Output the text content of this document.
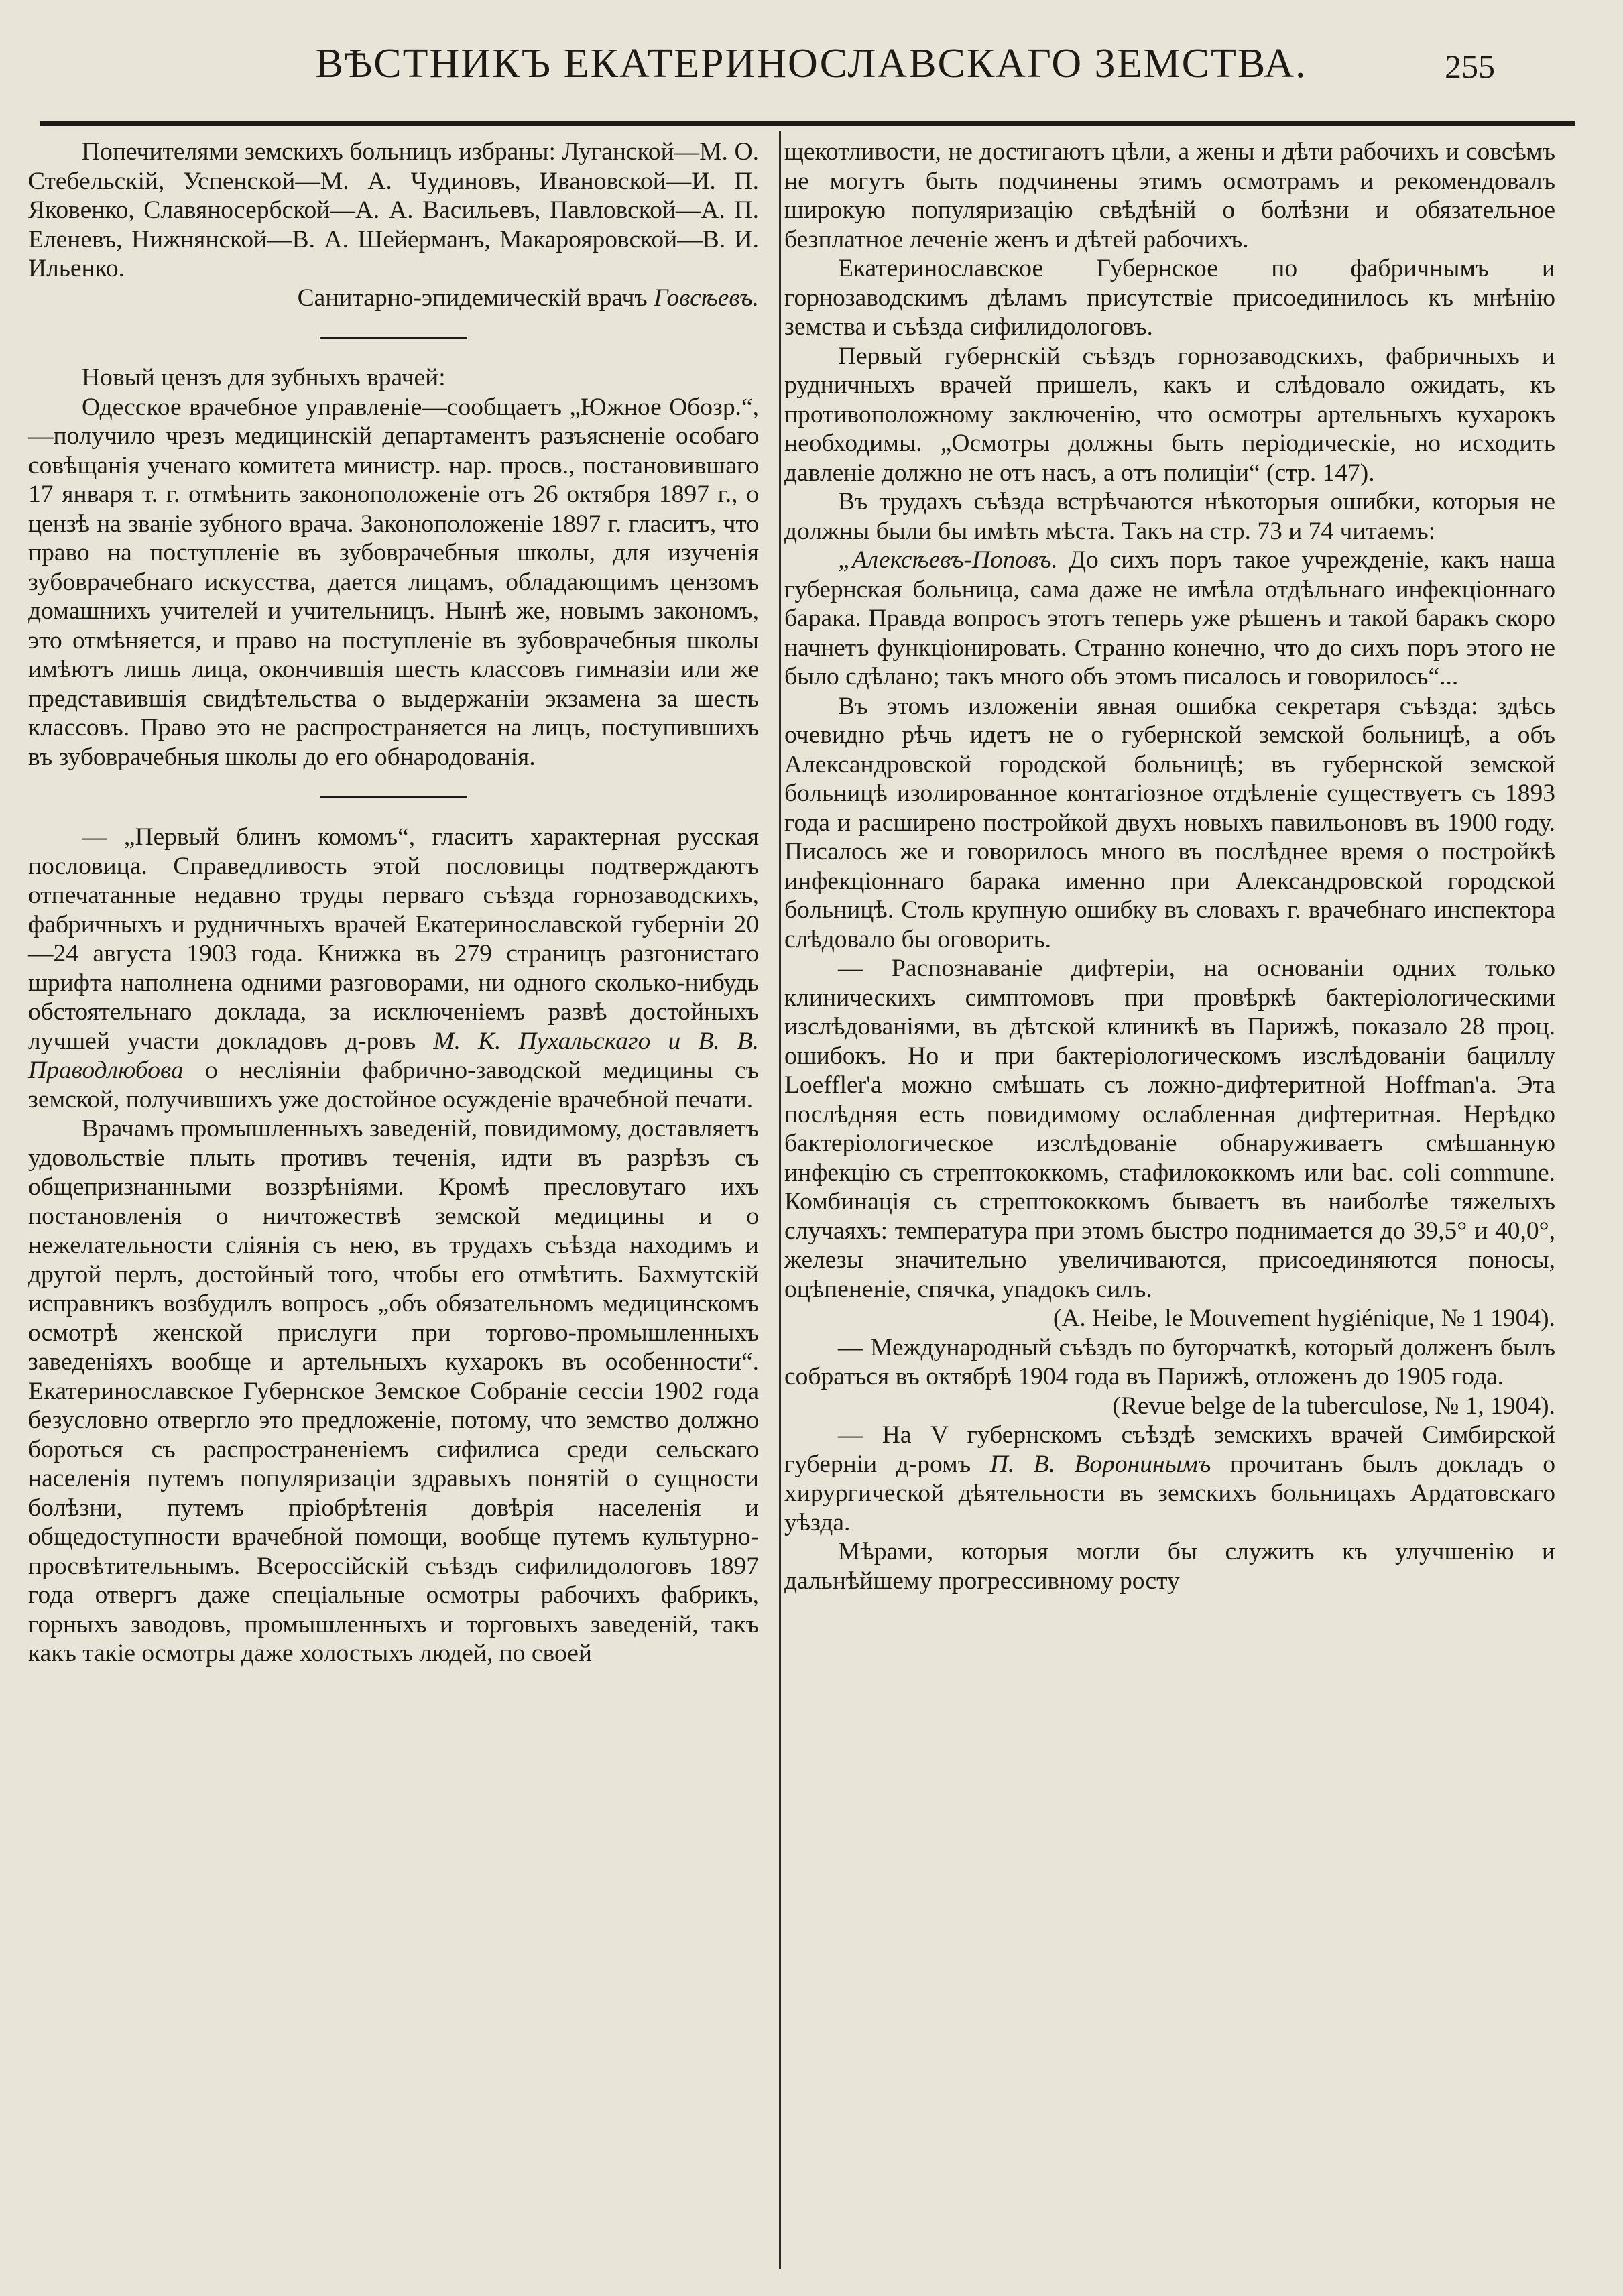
ВѢСТНИКЪ ЕКАТЕРИНОСЛАВСКАГО ЗЕМСТВА.	255

Попечителями земскихъ больницъ избраны: Луганской—М. О. Стебельскій, Успенской—М. А. Чудиновъ, Ивановской—И. П. Яковенко, Славяносербской—А. А. Васильевъ, Павловской—А. П. Еленевъ, Нижнянской—В. А. Шейерманъ, Макарояровской—В. И. Ильенко.

Санитарно-эпидемическій врачъ Говсѣевъ.

Новый цензъ для зубныхъ врачей:

Одесское врачебное управленіе—сообщаетъ „Южное Обозр.“,—получило чрезъ медицинскій департаментъ разъясненіе особаго совѣщанія ученаго комитета министр. нар. просв., постановившаго 17 января т. г. отмѣнить законоположеніе отъ 26 октября 1897 г., о цензѣ на званіе зубного врача. Законоположеніе 1897 г. гласитъ, что право на поступленіе въ зубоврачебныя школы, для изученія зубоврачебнаго искусства, дается лицамъ, обладающимъ цензомъ домашнихъ учителей и учительницъ. Нынѣ же, новымъ закономъ, это отмѣняется, и право на поступленіе въ зубоврачебныя школы имѣютъ лишь лица, окончившія шесть классовъ гимназіи или же представившія свидѣтельства о выдержаніи экзамена за шесть классовъ. Право это не распространяется на лицъ, поступившихъ въ зубоврачебныя школы до его обнародованія.

— „Первый блинъ комомъ“, гласитъ характерная русская пословица. Справедливость этой пословицы подтверждаютъ отпечатанные недавно труды перваго съѣзда горнозаводскихъ, фабричныхъ и рудничныхъ врачей Екатеринославской губерніи 20—24 августа 1903 года. Книжка въ 279 страницъ разгонистаго шрифта наполнена одними разговорами, ни одного сколько-нибудь обстоятельнаго доклада, за исключеніемъ развѣ достойныхъ лучшей участи докладовъ д-ровъ М. К. Пухальскаго и В. В. Праводлюбова о несліяніи фабрично-заводской медицины съ земской, получившихъ уже достойное осужденіе врачебной печати.

Врачамъ промышленныхъ заведеній, повидимому, доставляетъ удовольствіе плыть противъ теченія, идти въ разрѣзъ съ общепризнанными воззрѣніями. Кромѣ пресловутаго ихъ постановленія о ничтожествѣ земской медицины и о нежелательности слiянія съ нею, въ трудахъ съѣзда находимъ и другой перлъ, достойный того, чтобы его отмѣтить. Бахмутскій исправникъ возбудилъ вопросъ „объ обязательномъ медицинскомъ осмотрѣ женской прислуги при торгово-промышленныхъ заведеніяхъ вообще и артельныхъ кухарокъ въ особенности“. Екатеринославское Губернское Земское Собраніе сессіи 1902 года безусловно отвергло это предложеніе, потому, что земство должно бороться съ распространеніемъ сифилиса среди сельскаго населенія путемъ популяризаціи здравыхъ понятій о сущности болѣзни, путемъ пріобрѣтенія довѣрія населенія и общедоступности врачебной помощи, вообще путемъ культурно-просвѣтительнымъ. Всероссійскій съѣздъ сифилидологовъ 1897 года отвергъ даже спеціальные осмотры рабочихъ фабрикъ, горныхъ заводовъ, промышленныхъ и торговыхъ заведеній, такъ какъ такіе осмотры даже холостыхъ людей, по своей

щекотливости, не достигаютъ цѣли, а жены и дѣти рабочихъ и совсѣмъ не могутъ быть подчинены этимъ осмотрамъ и рекомендовалъ широкую популяризацію свѣдѣній о болѣзни и обязательное безплатное леченіе женъ и дѣтей рабочихъ.

Екатеринославское Губернское по фабричнымъ и горнозаводскимъ дѣламъ присутствіе присоединилось къ мнѣнію земства и съѣзда сифилидологовъ.

Первый губернскій съѣздъ горнозаводскихъ, фабричныхъ и рудничныхъ врачей пришелъ, какъ и слѣдовало ожидать, къ противоположному заключенію, что осмотры артельныхъ кухарокъ необходимы. „Осмотры должны быть періодическіе, но исходить давленіе должно не отъ насъ, а отъ полиціи“ (стр. 147).

Въ трудахъ съѣзда встрѣчаются нѣкоторыя ошибки, которыя не должны были бы имѣть мѣста. Такъ на стр. 73 и 74 читаемъ:

„Алексѣевъ-Поповъ. До сихъ поръ такое учрежденіе, какъ наша губернская больница, сама даже не имѣла отдѣльнаго инфекціоннаго барака. Правда вопросъ этотъ теперь уже рѣшенъ и такой баракъ скоро начнетъ функціонировать. Странно конечно, что до сихъ поръ этого не было сдѣлано; такъ много объ этомъ писалось и говорилось“...

Въ этомъ изложеніи явная ошибка секретаря съѣзда: здѣсь очевидно рѣчь идетъ не о губернской земской больницѣ, а объ Александровской городской больницѣ; въ губернской земской больницѣ изолированное контагіозное отдѣленіе существуетъ съ 1893 года и расширено постройкой двухъ новыхъ павильоновъ въ 1900 году. Писалось же и говорилось много въ послѣднее время о постройкѣ инфекціоннаго барака именно при Александровской городской больницѣ. Столь крупную ошибку въ словахъ г. врачебнаго инспектора слѣдовало бы оговорить.

— Распознаваніе дифтеріи, на основаніи одних только клиническихъ симптомовъ при провѣркѣ бактеріологическими изслѣдованіями, въ дѣтской клиникѣ въ Парижѣ, показало 28 проц. ошибокъ. Но и при бактеріологическомъ изслѣдованіи бациллу Loeffler'а можно смѣшать съ ложно-дифтеритной Hoffman'а. Эта послѣдняя есть повидимому ослабленная дифтеритная. Нерѣдко бактеріологическое изслѣдованіе обнаруживаетъ смѣшанную инфекцію съ стрептококкомъ, стафилококкомъ или bac. coli commune. Комбинація съ стрептококкомъ бываетъ въ наиболѣе тяжелыхъ случаяхъ: температура при этомъ быстро поднимается до 39,5° и 40,0°, железы значительно увеличиваются, присоединяются поносы, оцѣпененіе, спячка, упадокъ силъ.

(A. Heibe, le Mouvement hygiénique, № 1 1904).

— Международный съѣздъ по бугорчаткѣ, который долженъ былъ собраться въ октябрѣ 1904 года въ Парижѣ, отложенъ до 1905 года.

(Revue belge de la tuberculose, № 1, 1904).

— На V губернскомъ съѣздѣ земскихъ врачей Симбирской губерніи д-ромъ П. В. Воронинымъ прочитанъ былъ докладъ о хирургической дѣятельности въ земскихъ больницахъ Ардатовскаго уѣзда.

Мѣрами, которыя могли бы служить къ улучшенію и дальнѣйшему прогрессивному росту
